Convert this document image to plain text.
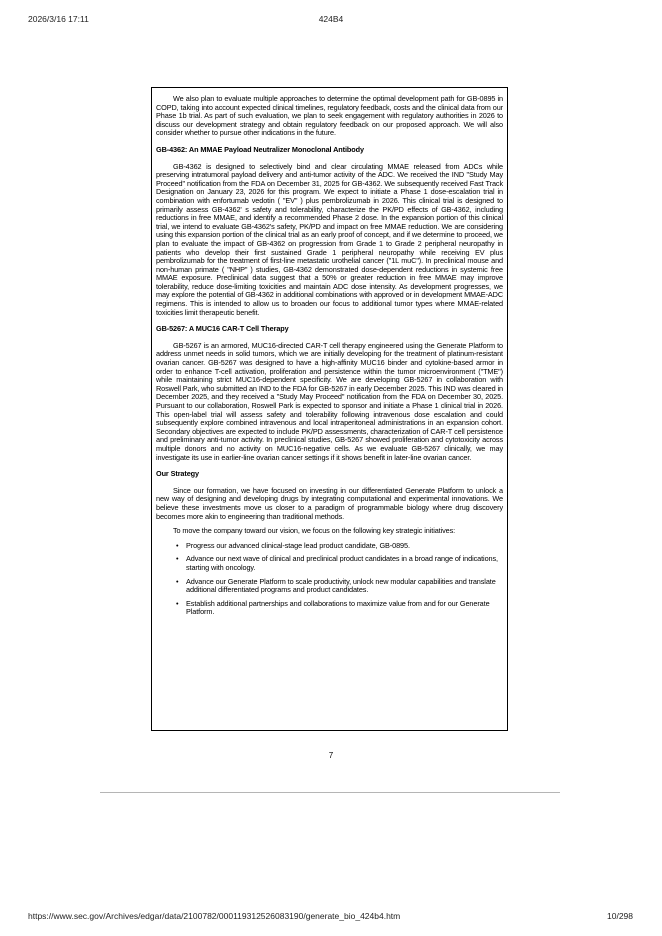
2026/3/16 17:11	424B4

We also plan to evaluate multiple approaches to determine the optimal development path for GB-0895 in COPD, taking into account expected clinical timelines, regulatory feedback, costs and the clinical data from our Phase 1b trial. As part of such evaluation, we plan to seek engagement with regulatory authorities in 2026 to discuss our development strategy and obtain regulatory feedback on our proposed approach. We will also consider whether to pursue other indications in the future.

GB-4362: An MMAE Payload Neutralizer Monoclonal Antibody

GB-4362 is designed to selectively bind and clear circulating MMAE released from ADCs while preserving intratumoral payload delivery and anti-tumor activity of the ADC. We received the IND "Study May Proceed" notification from the FDA on December 31, 2025 for GB-4362. We subsequently received Fast Track Designation on January 23, 2026 for this program. We expect to initiate a Phase 1 dose-escalation trial in combination with enfortumab vedotin ( "EV" ) plus pembrolizumab in 2026. This clinical trial is designed to primarily assess GB-4362' s safety and tolerability, characterize the PK/PD effects of GB-4362, including reductions in free MMAE, and identify a recommended Phase 2 dose. In the expansion portion of this clinical trial, we intend to evaluate GB-4362's safety, PK/PD and impact on free MMAE reduction. We are considering using this expansion portion of the clinical trial as an early proof of concept, and if we determine to proceed, we plan to evaluate the impact of GB-4362 on progression from Grade 1 to Grade 2 peripheral neuropathy in patients who develop their first sustained Grade 1 peripheral neuropathy while receiving EV plus pembrolizumab for the treatment of first-line metastatic urothelial cancer ("1L muC"). In preclinical mouse and non-human primate ( "NHP" ) studies, GB-4362 demonstrated dose-dependent reductions in systemic free MMAE exposure. Preclinical data suggest that a 50% or greater reduction in free MMAE may improve tolerability, reduce dose-limiting toxicities and maintain ADC dose intensity. As development progresses, we may explore the potential of GB-4362 in additional combinations with approved or in development MMAE-ADC regimens. This is intended to allow us to broaden our focus to additional tumor types where MMAE-related toxicities limit therapeutic benefit.

GB-5267: A MUC16 CAR-T Cell Therapy

GB-5267 is an armored, MUC16-directed CAR-T cell therapy engineered using the Generate Platform to address unmet needs in solid tumors, which we are initially developing for the treatment of platinum-resistant ovarian cancer. GB-5267 was designed to have a high-affinity MUC16 binder and cytokine-based armor in order to enhance T-cell activation, proliferation and persistence within the tumor microenvironment ("TME") while maintaining strict MUC16-dependent specificity. We are developing GB-5267 in collaboration with Roswell Park, who submitted an IND to the FDA for GB-5267 in early December 2025. This IND was cleared in December 2025, and they received a "Study May Proceed" notification from the FDA on December 30, 2025. Pursuant to our collaboration, Roswell Park is expected to sponsor and initiate a Phase 1 clinical trial in 2026. This open-label trial will assess safety and tolerability following intravenous dose escalation and could subsequently explore combined intravenous and local intraperitoneal administrations in an expansion cohort. Secondary objectives are expected to include PK/PD assessments, characterization of CAR-T cell persistence and preliminary anti-tumor activity. In preclinical studies, GB-5267 showed proliferation and cytotoxicity across multiple donors and no activity on MUC16-negative cells. As we evaluate GB-5267 clinically, we may investigate its use in earlier-line ovarian cancer settings if it shows benefit in later-line ovarian cancer.

Our Strategy

Since our formation, we have focused on investing in our differentiated Generate Platform to unlock a new way of designing and developing drugs by integrating computational and experimental innovations. We believe these investments move us closer to a paradigm of programmable biology where drug discovery becomes more akin to engineering than traditional methods.

To move the company toward our vision, we focus on the following key strategic initiatives:

• Progress our advanced clinical-stage lead product candidate, GB-0895.
• Advance our next wave of clinical and preclinical product candidates in a broad range of indications, starting with oncology.
• Advance our Generate Platform to scale productivity, unlock new modular capabilities and translate additional differentiated programs and product candidates.
• Establish additional partnerships and collaborations to maximize value from and for our Generate Platform.
7
https://www.sec.gov/Archives/edgar/data/2100782/000119312526083190/generate_bio_424b4.htm	10/298
